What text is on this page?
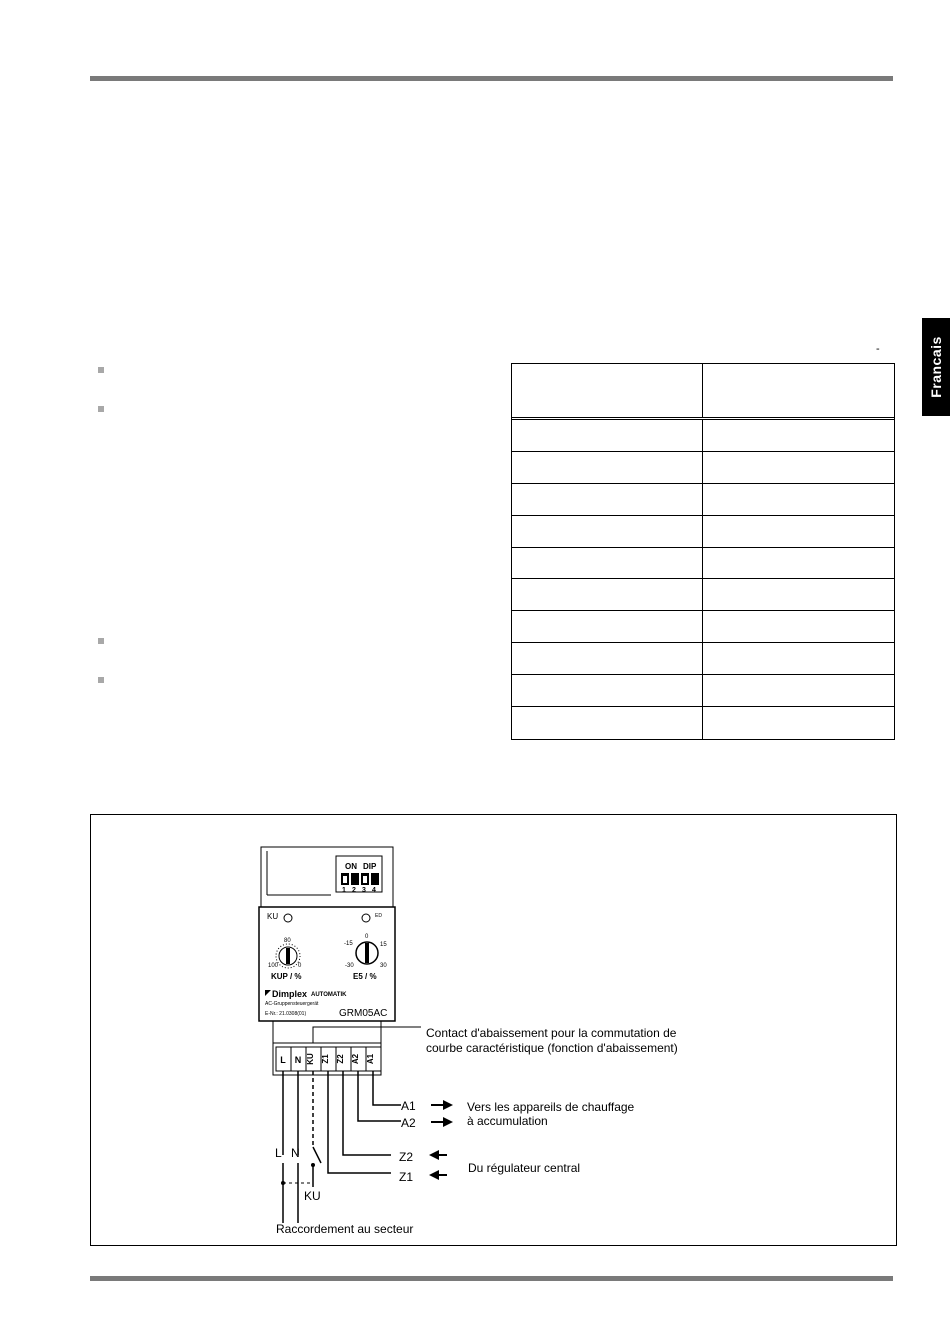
Francais
-
ON DIP
1 2 3 4
KU	ED
80
100	0
KUP / %
0
-15	15
-30	30
E5 / %
Dimplex AUTOMATIK
AC-Gruppensteuergerät
E-Nr.: 21.0308(01)	GRM05AC
L N KU Z1 Z2 A2 A1
Contact d'abaissement pour la commutation de
courbe caractéristique (fonction d'abaissement)
A1
A2
Vers les appareils de chauffage
à accumulation
Z2
Z1
Du régulateur central
L N
KU
Raccordement au secteur
